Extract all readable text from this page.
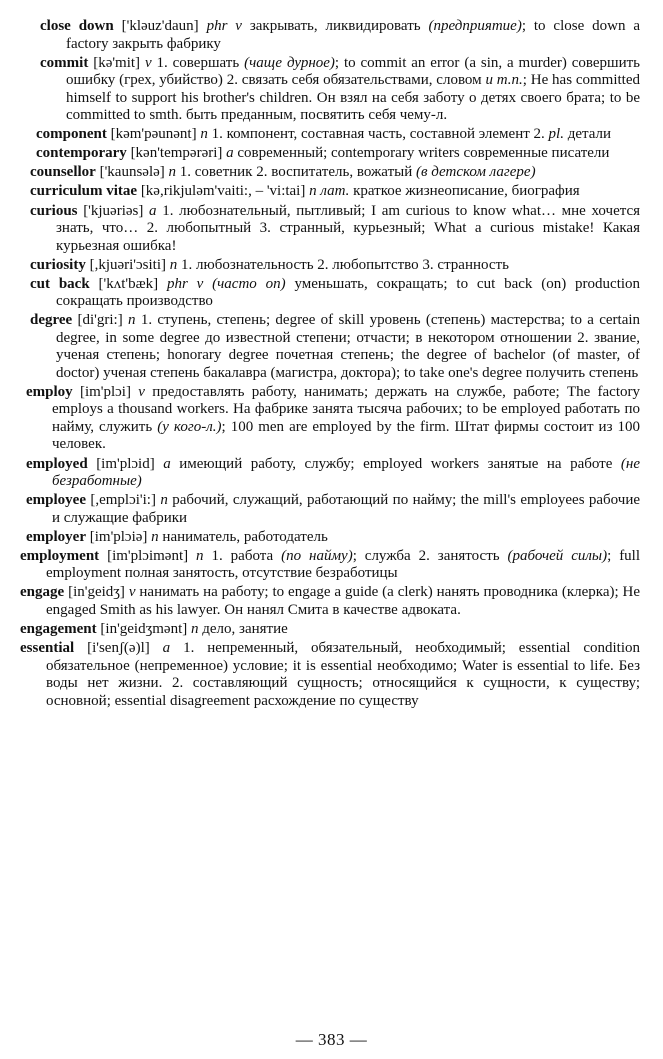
close down ['kləuz'daun] phr v закрывать, ликвидировать (предприятие); to close down a factory закрыть фабрику

commit [kə'mit] v 1. совершать (чаще дурное); to commit an error (a sin, a murder) совершить ошибку (грех, убийство) 2. связать себя обязательствами, словом и т.п.; He has committed himself to support his brother's children. Он взял на себя заботу о детях своего брата; to be committed to smth. быть преданным, посвятить себя чему-л.

component [kəm'pəunənt] n 1. компонент, составная часть, составной элемент 2. pl. детали

contemporary [kən'tempərəri] a современный; contemporary writers современные писатели

counsellor ['kaunsələ] n 1. советник 2. воспитатель, вожатый (в детском лагере)

curriculum vitae [kə,rikjuləm'vaiti:, – 'vi:tai] n лат. краткое жизнеописание, биография

curious ['kjuəriəs] a 1. любознательный, пытливый; I am curious to know what… мне хочется знать, что… 2. любопытный 3. странный, курьезный; What a curious mistake! Какая курьезная ошибка!

curiosity [,kjuəri'ɔsiti] n 1. любознательность 2. любопытство 3. странность

cut back ['kʌt'bæk] phr v (часто on) уменьшать, сокращать; to cut back (on) production сокращать производство

degree [di'gri:] n 1. ступень, степень; degree of skill уровень (степень) мастерства; to a certain degree, in some degree до известной степени; отчасти; в некотором отношении 2. звание, ученая степень; honorary degree почетная степень; the degree of bachelor (of master, of doctor) ученая степень бакалавра (магистра, доктора); to take one's degree получить степень

employ [im'plɔi] v предоставлять работу, нанимать; держать на службе, работе; The factory employs a thousand workers. На фабрике занята тысяча рабочих; to be employed работать по найму, служить (у кого-л.); 100 men are employed by the firm. Штат фирмы состоит из 100 человек.

employed [im'plɔid] a имеющий работу, службу; employed workers занятые на работе (не безработные)

employee [,emplɔi'i:] n рабочий, служащий, работающий по найму; the mill's employees рабочие и служащие фабрики

employer [im'plɔiə] n наниматель, работодатель

employment [im'plɔimənt] n 1. работа (по найму); служба 2. занятость (рабочей силы); full employment полная занятость, отсутствие безработицы

engage [in'geidʒ] v нанимать на работу; to engage a guide (a clerk) нанять проводника (клерка); He engaged Smith as his lawyer. Он нанял Смита в качестве адвоката.

engagement [in'geidʒmənt] n дело, занятие

essential [i'senʃ(ə)l] a 1. непременный, обязательный, необходимый; essential condition обязательное (непременное) условие; it is essential необходимо; Water is essential to life. Без воды нет жизни. 2. составляющий сущность; относящийся к сущности, к существу; основной; essential disagreement расхождение по существу

— 383 —
